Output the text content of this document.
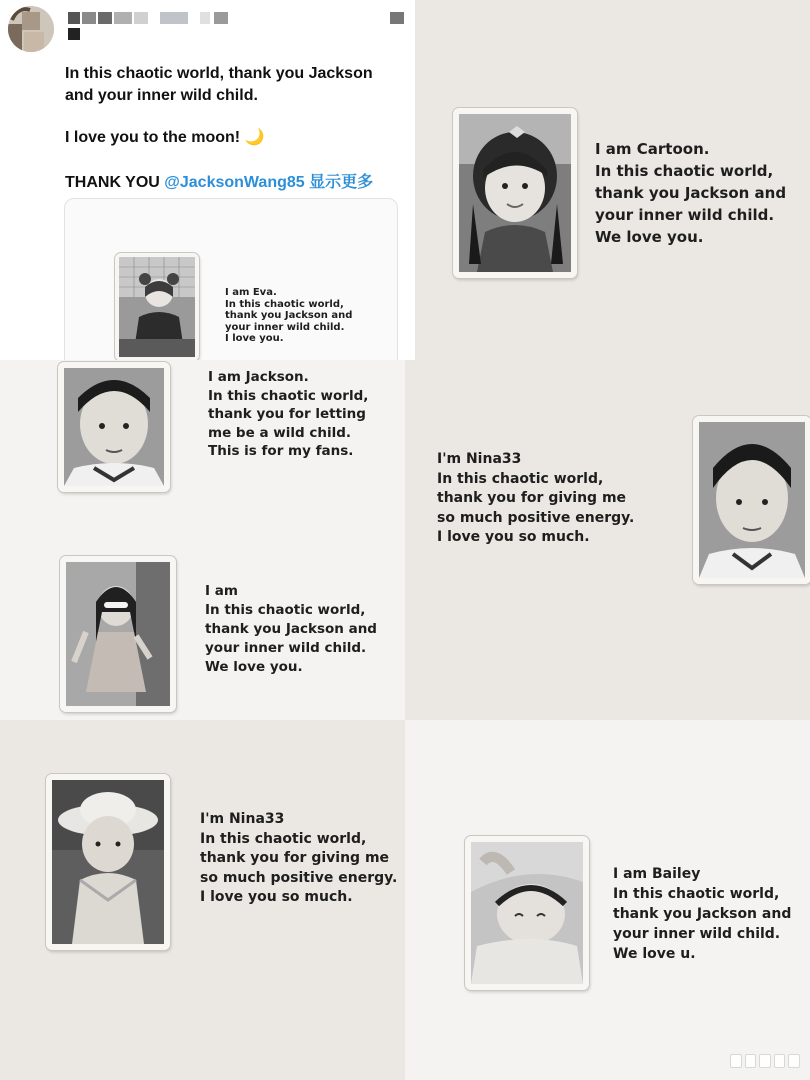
In this chaotic world, thank you Jackson
and your inner wild child.
I love you to the moon! 🌙
THANK YOU @JacksonWang85 显示更多
I am Eva.
In this chaotic world,
thank you Jackson and
your inner wild child.
I love you.
I am Cartoon.
In this chaotic world,
thank you Jackson and
your inner wild child.
We love you.
I am Jackson.
In this chaotic world,
thank you for letting
me be a wild child.
This is for my fans.
I am
In this chaotic world,
thank you Jackson and
your inner wild child.
We love you.
I'm Nina33
In this chaotic world,
thank you for giving me
so much positive energy.
I love you so much.
I'm Nina33
In this chaotic world,
thank you for giving me
so much positive energy.
I love you so much.
I am Bailey
In this chaotic world,
thank you Jackson and
your inner wild child.
We love u.
